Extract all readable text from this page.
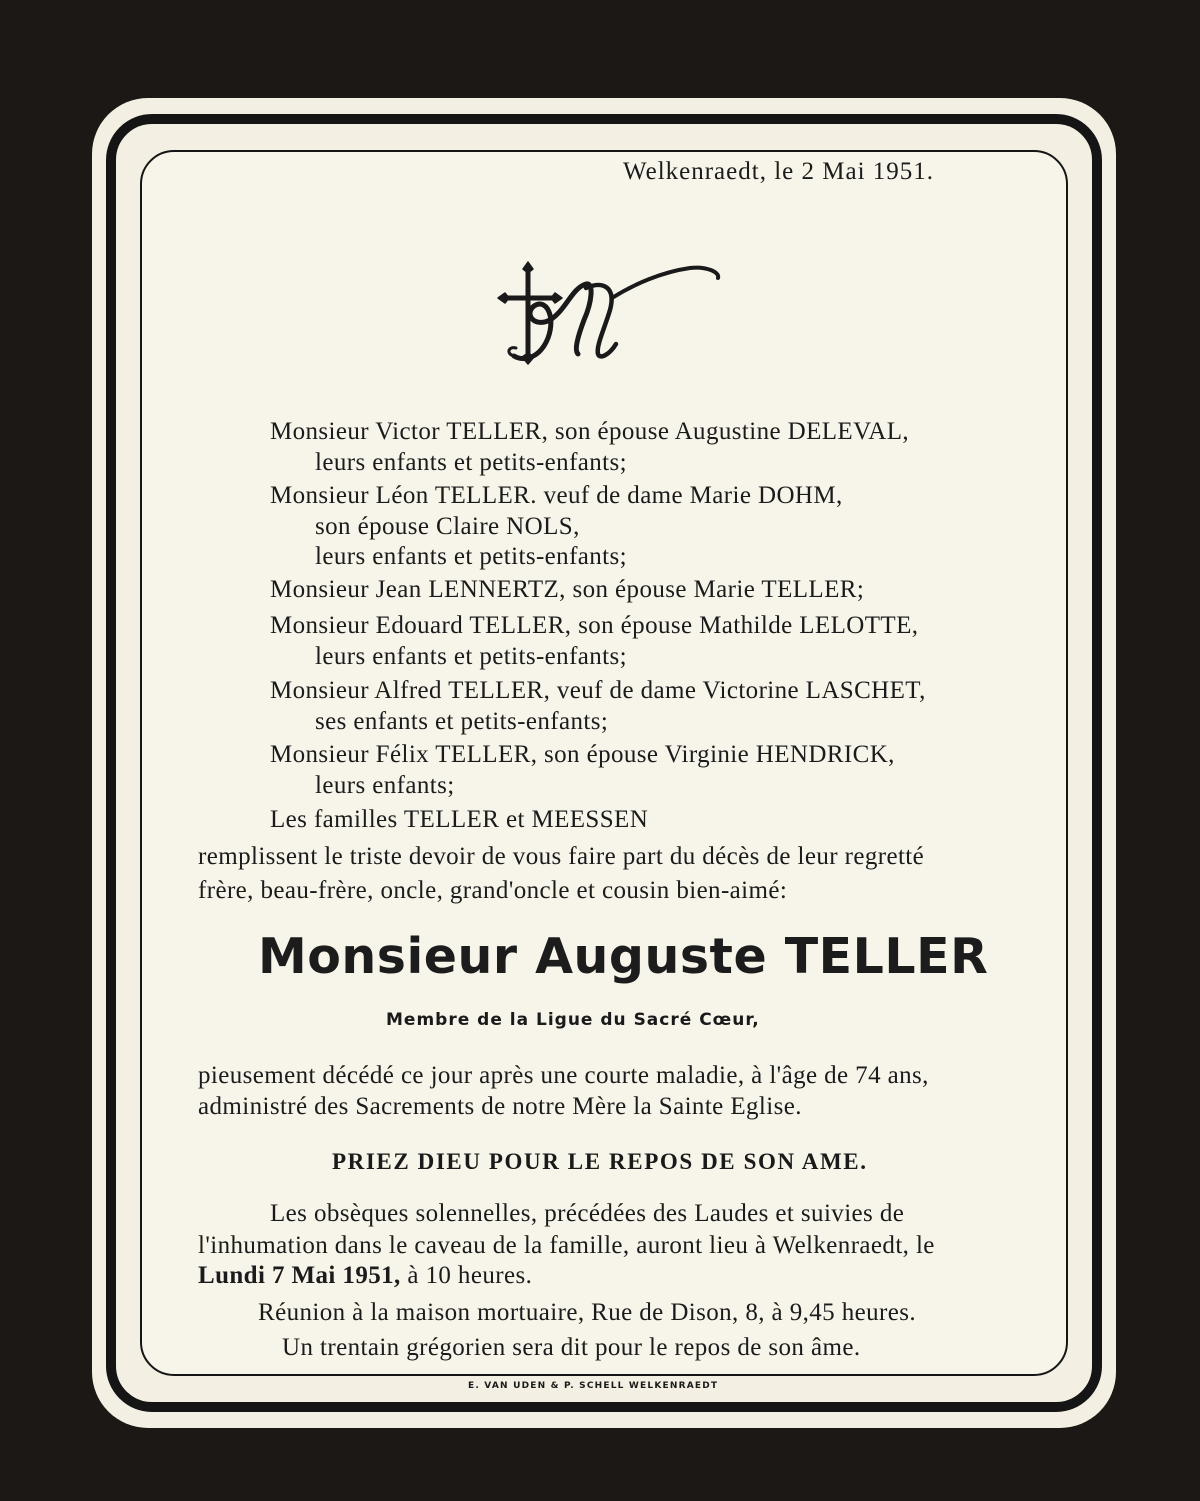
Welkenraedt, le 2 Mai 1951.
Monsieur Victor TELLER, son épouse Augustine DELEVAL,
leurs enfants et petits-enfants;
Monsieur Léon TELLER. veuf de dame Marie DOHM,
son épouse Claire NOLS,
leurs enfants et petits-enfants;
Monsieur Jean LENNERTZ, son épouse Marie TELLER;
Monsieur Edouard TELLER, son épouse Mathilde LELOTTE,
leurs enfants et petits-enfants;
Monsieur Alfred TELLER, veuf de dame Victorine LASCHET,
ses enfants et petits-enfants;
Monsieur Félix TELLER, son épouse Virginie HENDRICK,
leurs enfants;
Les familles TELLER et MEESSEN
remplissent le triste devoir de vous faire part du décès de leur regretté
frère, beau-frère, oncle, grand'oncle et cousin bien-aimé:
Monsieur Auguste TELLER
Membre de la Ligue du Sacré Cœur,
pieusement décédé ce jour après une courte maladie, à l'âge de 74 ans,
administré des Sacrements de notre Mère la Sainte Eglise.
PRIEZ DIEU POUR LE REPOS DE SON AME.
Les obsèques solennelles, précédées des Laudes et suivies de
l'inhumation dans le caveau de la famille, auront lieu à Welkenraedt, le
Lundi 7 Mai 1951, à 10 heures.
Réunion à la maison mortuaire, Rue de Dison, 8, à 9,45 heures.
Un trentain grégorien sera dit pour le repos de son âme.
E. VAN UDEN & P. SCHELL WELKENRAEDT
